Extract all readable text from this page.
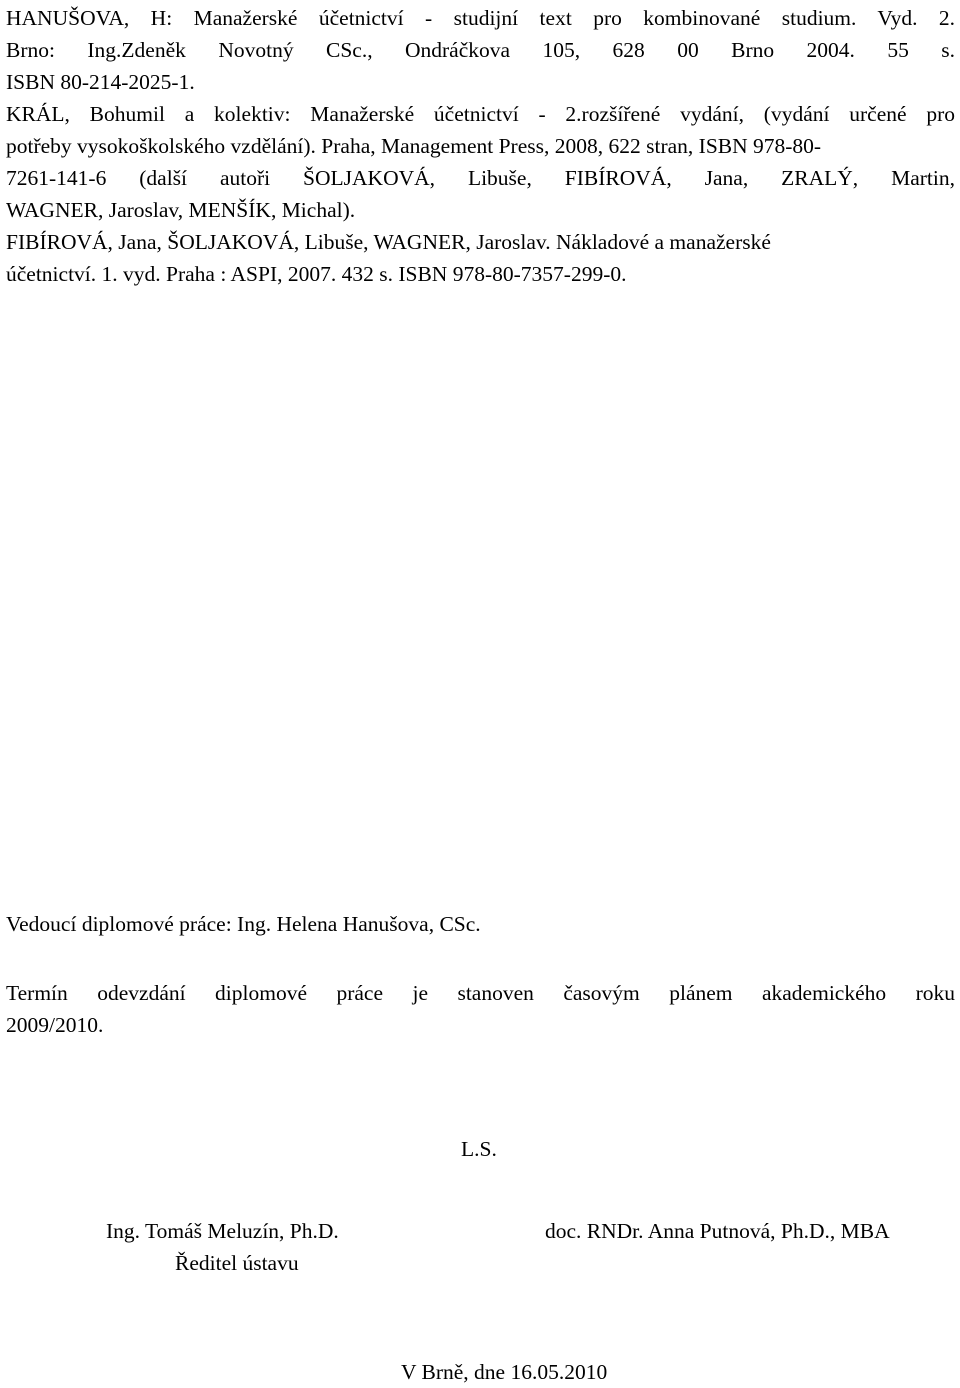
HANUŠOVA, H: Manažerské účetnictví - studijní text pro kombinované studium. Vyd. 2.
Brno: Ing.Zdeněk Novotný CSc., Ondráčkova 105, 628 00 Brno 2004. 55 s.
ISBN 80-214-2025-1.
KRÁL, Bohumil a kolektiv: Manažerské účetnictví - 2.rozšířené vydání, (vydání určené pro
potřeby vysokoškolského vzdělání). Praha, Management Press, 2008, 622 stran, ISBN 978-80-
7261-141-6 (další autoři ŠOLJAKOVÁ, Libuše, FIBÍROVÁ, Jana, ZRALÝ, Martin,
WAGNER, Jaroslav, MENŠÍK, Michal).
FIBÍROVÁ, Jana, ŠOLJAKOVÁ, Libuše, WAGNER, Jaroslav. Nákladové a manažerské
účetnictví. 1. vyd. Praha : ASPI, 2007. 432 s. ISBN 978-80-7357-299-0.
Vedoucí diplomové práce: Ing. Helena Hanušova, CSc.
Termín odevzdání diplomové práce je stanoven časovým plánem akademického roku
2009/2010.
L.S.
Ing. Tomáš Meluzín, Ph.D.
Ředitel ústavu
doc. RNDr. Anna Putnová, Ph.D., MBA
V Brně, dne 16.05.2010
